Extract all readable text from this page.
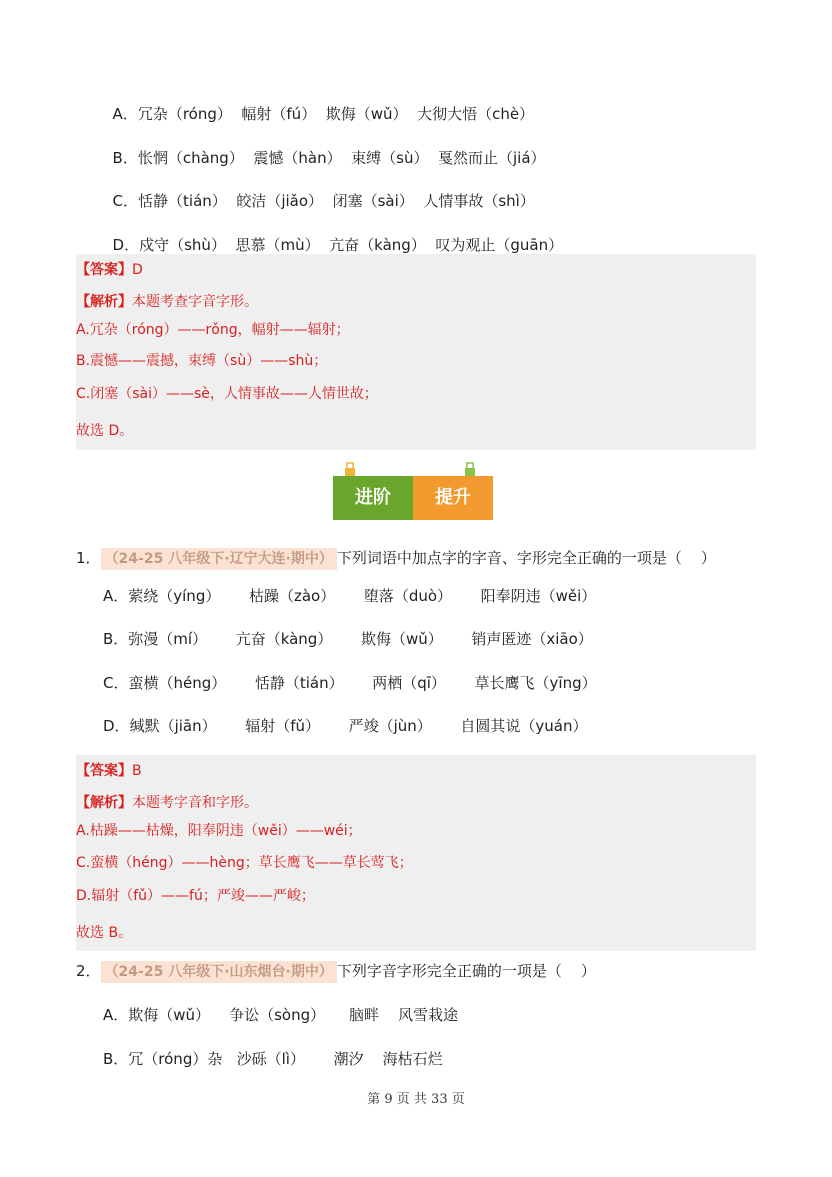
A．冗杂（róng） 幅射（fú） 欺侮（wǔ） 大彻大悟（chè）

B．怅惘（chàng） 震憾（hàn） 束缚（sù） 戛然而止（jiá）

C．恬静（tián） 皎洁（jiǎo） 闭塞（sài） 人情事故（shì）

D．戍守（shù） 思慕（mù） 亢奋（kàng） 叹为观止（guān）

【答案】D
【解析】本题考查字音字形。
A.冗杂（róng）——rǒng，幅射——辐射；
B.震憾——震撼，束缚（sù）——shù；
C.闭塞（sài）——sè，人情事故——人情世故；
故选 D。
进阶	提升
1． （24-25 八年级下·辽宁大连·期中） 下列词语中加点字的字音、字形完全正确的一项是（    ）
A．萦绕（yíng） 枯躁（zào） 堕落（duò） 阳奉阴违（wěi）
B．弥漫（mí） 亢奋（kàng） 欺侮（wǔ） 销声匿迹（xiāo）
C．蛮横（héng） 恬静（tián） 两栖（qī） 草长鹰飞（yīng）
D．缄默（jiān） 辐射（fǔ） 严竣（jùn） 自圆其说（yuán）
【答案】B
【解析】本题考字音和字形。
A.枯躁——枯燥，阳奉阴违（wěi）——wéi；
C.蛮横（héng）——hèng；草长鹰飞——草长莺飞；
D.辐射（fǔ）——fú；严竣——严峻；
故选 B。
2． （24-25 八年级下·山东烟台·期中） 下列字音字形完全正确的一项是（    ）
A．欺侮（wǔ）    争讼（sòng）     脑畔    风雪栽途
B．冗（róng）杂   沙砾（lì）      潮汐    海枯石烂
第 9 页 共 33 页
